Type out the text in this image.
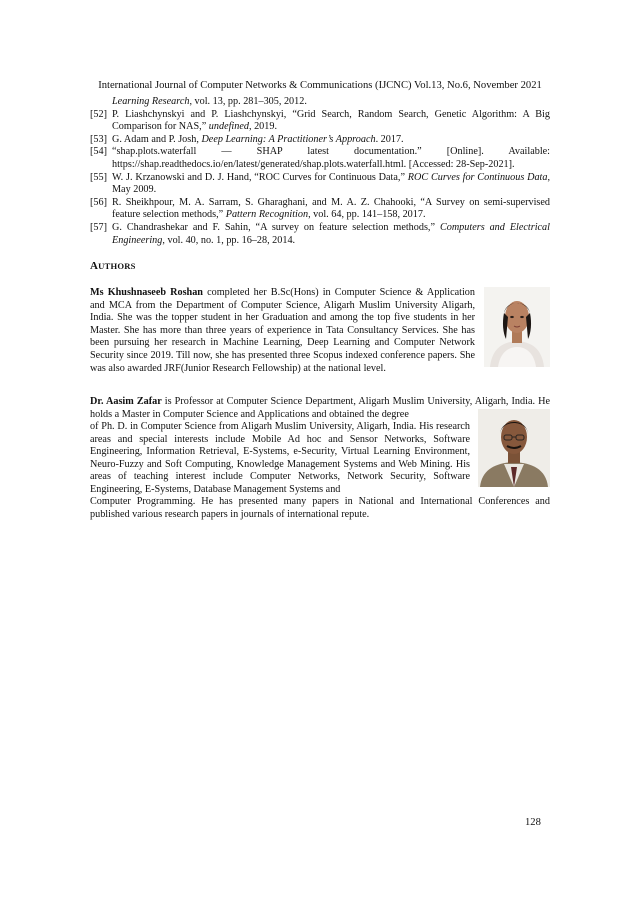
International Journal of Computer Networks & Communications (IJCNC) Vol.13, No.6, November 2021
Learning Research, vol. 13, pp. 281–305, 2012.
[52] P. Liashchynskyi and P. Liashchynskyi, “Grid Search, Random Search, Genetic Algorithm: A Big Comparison for NAS,” undefined, 2019.
[53] G. Adam and P. Josh, Deep Learning: A Practitioner’s Approach. 2017.
[54] “shap.plots.waterfall — SHAP latest documentation.” [Online]. Available: https://shap.readthedocs.io/en/latest/generated/shap.plots.waterfall.html. [Accessed: 28-Sep-2021].
[55] W. J. Krzanowski and D. J. Hand, “ROC Curves for Continuous Data,” ROC Curves for Continuous Data, May 2009.
[56] R. Sheikhpour, M. A. Sarram, S. Gharaghani, and M. A. Z. Chahooki, “A Survey on semi-supervised feature selection methods,” Pattern Recognition, vol. 64, pp. 141–158, 2017.
[57] G. Chandrashekar and F. Sahin, “A survey on feature selection methods,” Computers and Electrical Engineering, vol. 40, no. 1, pp. 16–28, 2014.
AUTHORS
Ms Khushnaseeb Roshan completed her B.Sc(Hons) in Computer Science & Application and MCA from the Department of Computer Science, Aligarh Muslim University Aligarh, India. She was the topper student in her Graduation and among the top five students in her Master. She has more than three years of experience in Tata Consultancy Services. She has been pursuing her research in Machine Learning, Deep Learning and Computer Network Security since 2019. Till now, she has presented three Scopus indexed conference papers. She was also awarded JRF(Junior Research Fellowship) at the national level.
Dr. Aasim Zafar is Professor at Computer Science Department, Aligarh Muslim University, Aligarh, India. He holds a Master in Computer Science and Applications and obtained the degree
of Ph. D. in Computer Science from Aligarh Muslim University, Aligarh, India. His research areas and special interests include Mobile Ad hoc and Sensor Networks, Software Engineering, Information Retrieval, E-Systems, e-Security, Virtual Learning Environment, Neuro-Fuzzy and Soft Computing, Knowledge Management Systems and Web Mining. His areas of teaching interest include Computer Networks, Network Security, Software Engineering, E-Systems, Database Management Systems and
Computer Programming. He has presented many papers in National and International Conferences and published various research papers in journals of international repute.
128
